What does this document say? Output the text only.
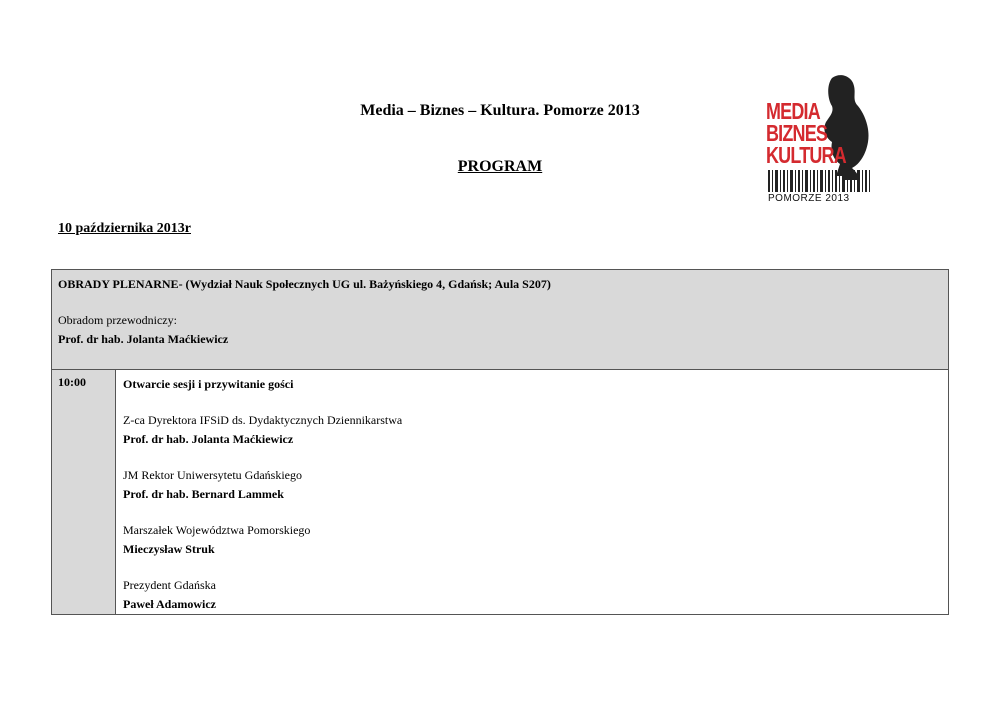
Media – Biznes – Kultura. Pomorze 2013
PROGRAM
MEDIA
BIZNES
KULTURA
POMORZE 2013
10 października 2013r
OBRADY PLENARNE- (Wydział Nauk Społecznych UG ul. Bażyńskiego 4, Gdańsk; Aula S207)
Obradom przewodniczy:
Prof. dr hab. Jolanta Maćkiewicz

10:00	Otwarcie sesji i przywitanie gości
Z-ca Dyrektora IFSiD ds. Dydaktycznych Dziennikarstwa
Prof. dr hab. Jolanta Maćkiewicz
JM Rektor Uniwersytetu Gdańskiego
Prof. dr hab. Bernard Lammek
Marszałek Województwa Pomorskiego
Mieczysław Struk
Prezydent Gdańska
Paweł Adamowicz
